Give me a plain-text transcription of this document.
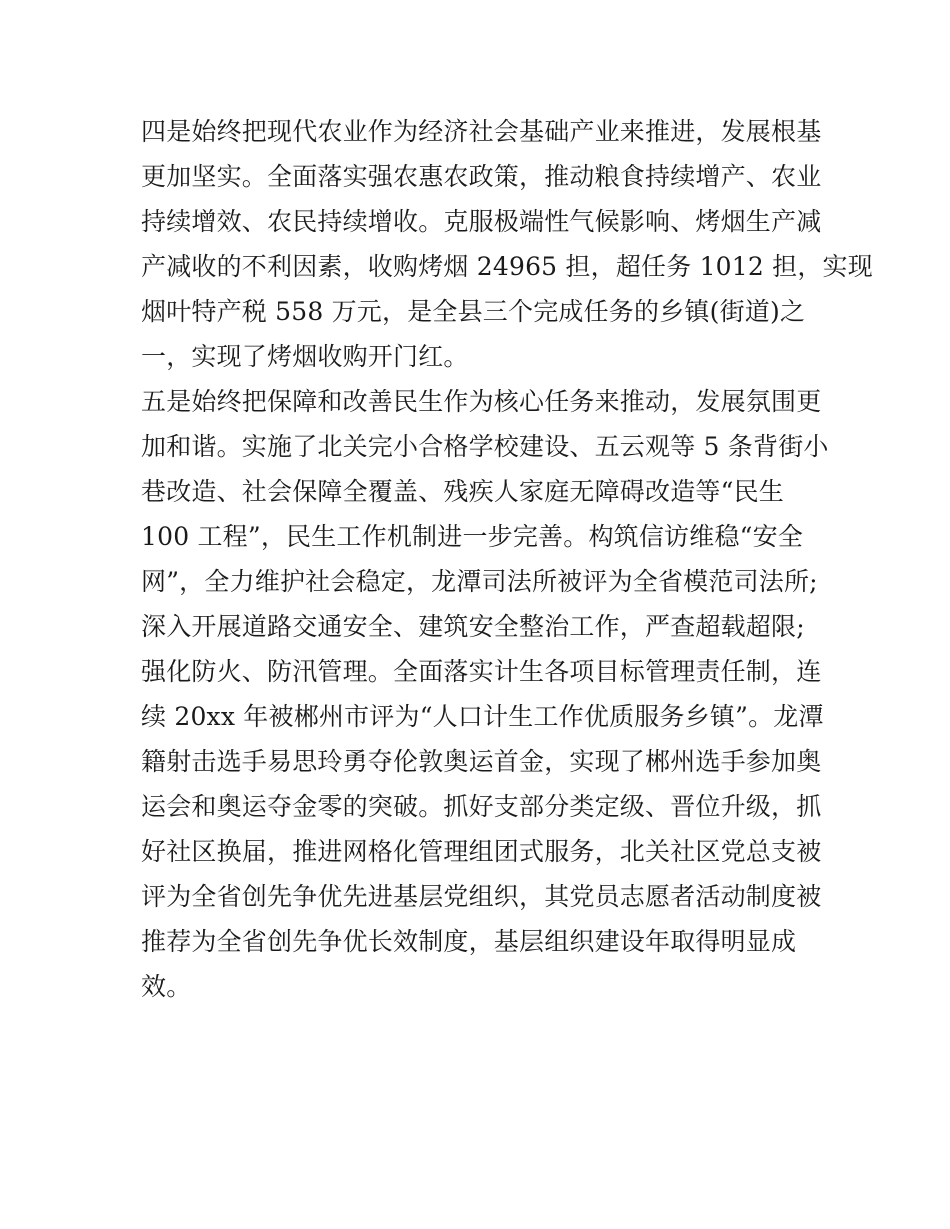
四是始终把现代农业作为经济社会基础产业来推进，发展根基
更加坚实。全面落实强农惠农政策，推动粮食持续增产、农业
持续增效、农民持续增收。克服极端性气候影响、烤烟生产减
产减收的不利因素，收购烤烟 24965 担，超任务 1012 担，实现
烟叶特产税 558 万元，是全县三个完成任务的乡镇(街道)之
一，实现了烤烟收购开门红。
五是始终把保障和改善民生作为核心任务来推动，发展氛围更
加和谐。实施了北关完小合格学校建设、五云观等 5 条背街小
巷改造、社会保障全覆盖、残疾人家庭无障碍改造等“民生
100 工程”，民生工作机制进一步完善。构筑信访维稳“安全
网”，全力维护社会稳定，龙潭司法所被评为全省模范司法所;
深入开展道路交通安全、建筑安全整治工作，严查超载超限;
强化防火、防汛管理。全面落实计生各项目标管理责任制，连
续 20xx 年被郴州市评为“人口计生工作优质服务乡镇”。龙潭
籍射击选手易思玲勇夺伦敦奥运首金，实现了郴州选手参加奥
运会和奥运夺金零的突破。抓好支部分类定级、晋位升级，抓
好社区换届，推进网格化管理组团式服务，北关社区党总支被
评为全省创先争优先进基层党组织，其党员志愿者活动制度被
推荐为全省创先争优长效制度，基层组织建设年取得明显成
效。
